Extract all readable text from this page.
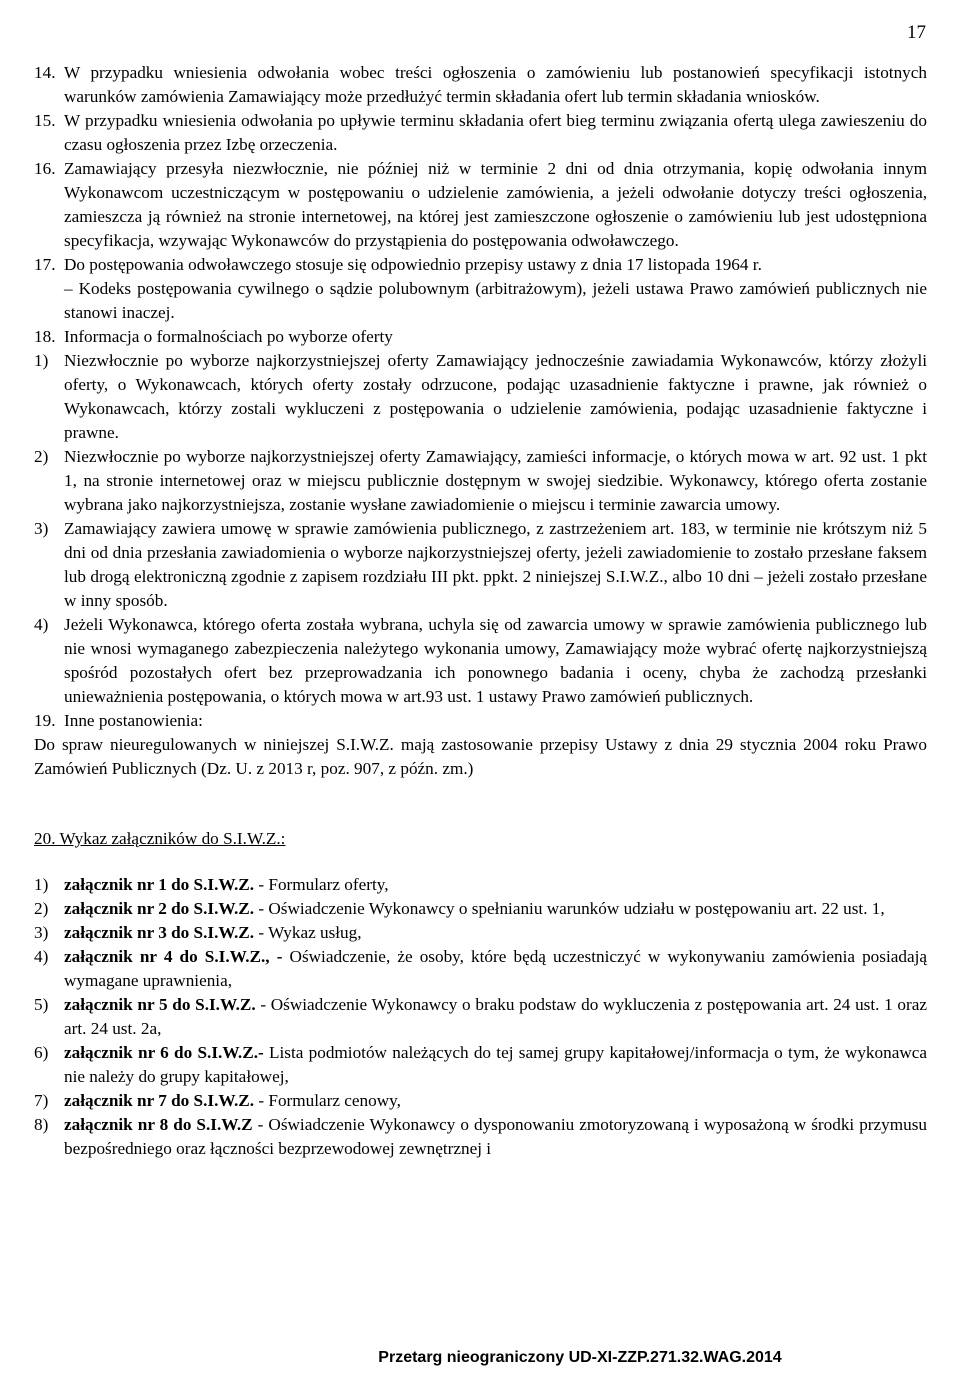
17
14. W przypadku wniesienia odwołania wobec treści ogłoszenia o zamówieniu lub postanowień specyfikacji istotnych warunków zamówienia Zamawiający może przedłużyć termin składania ofert lub termin składania wniosków.
15. W przypadku wniesienia odwołania po upływie terminu składania ofert bieg terminu związania ofertą ulega zawieszeniu do czasu ogłoszenia przez Izbę orzeczenia.
16. Zamawiający przesyła niezwłocznie, nie później niż w terminie 2 dni od dnia otrzymania, kopię odwołania innym Wykonawcom uczestniczącym w postępowaniu o udzielenie zamówienia, a jeżeli odwołanie dotyczy treści ogłoszenia, zamieszcza ją również na stronie internetowej, na której jest zamieszczone ogłoszenie o zamówieniu lub jest udostępniona specyfikacja, wzywając Wykonawców do przystąpienia do postępowania odwoławczego.
17. Do postępowania odwoławczego stosuje się odpowiednio przepisy ustawy z dnia 17 listopada 1964 r.
– Kodeks postępowania cywilnego o sądzie polubownym (arbitrażowym), jeżeli ustawa Prawo zamówień publicznych nie stanowi inaczej.
18. Informacja o formalnościach po wyborze oferty
1) Niezwłocznie po wyborze najkorzystniejszej oferty Zamawiający jednocześnie zawiadamia Wykonawców, którzy złożyli oferty, o Wykonawcach, których oferty zostały odrzucone, podając uzasadnienie faktyczne i prawne, jak również o Wykonawcach, którzy zostali wykluczeni z postępowania o udzielenie zamówienia, podając uzasadnienie faktyczne i prawne.
2) Niezwłocznie po wyborze najkorzystniejszej oferty Zamawiający, zamieści informacje, o których mowa w art. 92 ust. 1 pkt 1, na stronie internetowej oraz w miejscu publicznie dostępnym w swojej siedzibie. Wykonawcy, którego oferta zostanie wybrana jako najkorzystniejsza, zostanie wysłane zawiadomienie o miejscu i terminie zawarcia umowy.
3) Zamawiający zawiera umowę w sprawie zamówienia publicznego, z zastrzeżeniem art. 183, w terminie nie krótszym niż 5 dni od dnia przesłania zawiadomienia o wyborze najkorzystniejszej oferty, jeżeli zawiadomienie to zostało przesłane faksem lub drogą elektroniczną zgodnie z zapisem rozdziału III pkt. ppkt. 2 niniejszej S.I.W.Z., albo 10 dni – jeżeli zostało przesłane w inny sposób.
4) Jeżeli Wykonawca, którego oferta została wybrana, uchyla się od zawarcia umowy w sprawie zamówienia publicznego lub nie wnosi wymaganego zabezpieczenia należytego wykonania umowy, Zamawiający może wybrać ofertę najkorzystniejszą spośród pozostałych ofert bez przeprowadzania ich ponownego badania i oceny, chyba że zachodzą przesłanki unieważnienia postępowania, o których mowa w art.93 ust. 1 ustawy Prawo zamówień publicznych.
19. Inne postanowienia:
Do spraw nieuregulowanych w niniejszej S.I.W.Z. mają zastosowanie przepisy Ustawy z dnia 29 stycznia 2004 roku Prawo Zamówień Publicznych (Dz. U. z 2013 r, poz. 907, z późn. zm.)
20. Wykaz załączników do S.I.W.Z.:
1) załącznik nr 1 do S.I.W.Z. - Formularz oferty,
2) załącznik nr 2 do S.I.W.Z. - Oświadczenie Wykonawcy o spełnianiu warunków udziału w postępowaniu art. 22 ust. 1,
3) załącznik nr 3 do S.I.W.Z. - Wykaz usług,
4) załącznik nr 4 do S.I.W.Z., - Oświadczenie, że osoby, które będą uczestniczyć w wykonywaniu zamówienia posiadają wymagane uprawnienia,
5) załącznik nr 5 do S.I.W.Z. - Oświadczenie Wykonawcy o braku podstaw do wykluczenia z postępowania art. 24 ust. 1 oraz art. 24 ust. 2a,
6) załącznik nr 6 do S.I.W.Z.- Lista podmiotów należących do tej samej grupy kapitałowej/informacja o tym, że wykonawca nie należy do grupy kapitałowej,
7) załącznik nr 7 do S.I.W.Z. - Formularz cenowy,
8) załącznik nr 8 do S.I.W.Z - Oświadczenie Wykonawcy o dysponowaniu zmotoryzowaną i wyposażoną w środki przymusu bezpośredniego oraz łączności bezprzewodowej zewnętrznej i
Przetarg nieograniczony UD-XI-ZZP.271.32.WAG.2014
